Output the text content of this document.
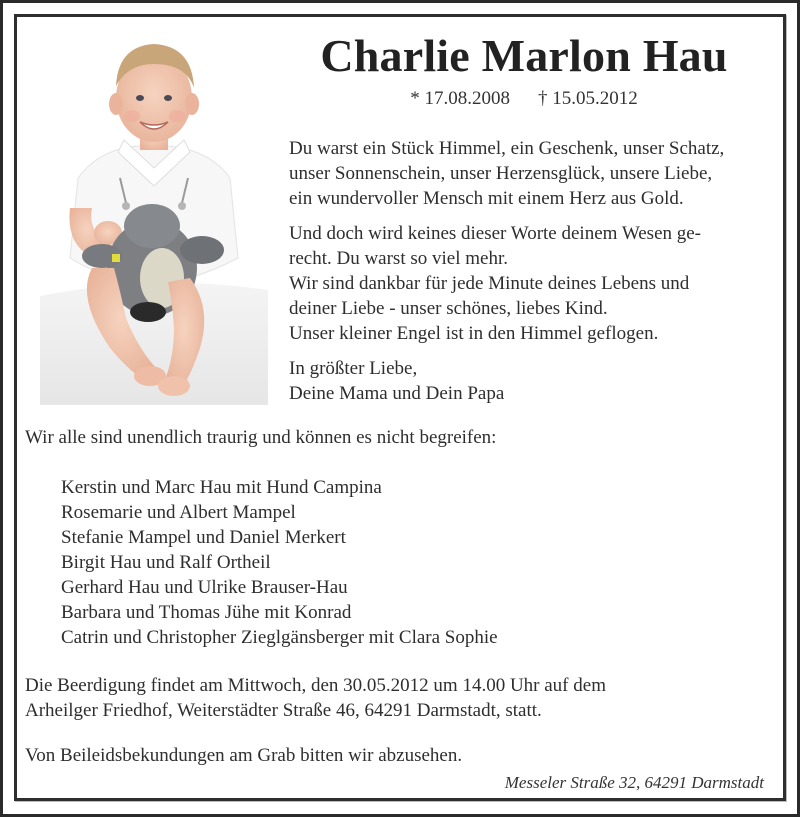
Charlie Marlon Hau
* 17.08.2008 † 15.05.2012
Du warst ein Stück Himmel, ein Geschenk, unser Schatz,
unser Sonnenschein, unser Herzensglück, unsere Liebe,
ein wundervoller Mensch mit einem Herz aus Gold.
Und doch wird keines dieser Worte deinem Wesen ge-
recht. Du warst so viel mehr.
Wir sind dankbar für jede Minute deines Lebens und
deiner Liebe - unser schönes, liebes Kind.
Unser kleiner Engel ist in den Himmel geflogen.
In größter Liebe,
Deine Mama und Dein Papa
Wir alle sind unendlich traurig und können es nicht begreifen:
Kerstin und Marc Hau mit Hund Campina
Rosemarie und Albert Mampel
Stefanie Mampel und Daniel Merkert
Birgit Hau und Ralf Ortheil
Gerhard Hau und Ulrike Brauser-Hau
Barbara und Thomas Jühe mit Konrad
Catrin und Christopher Zieglgänsberger mit Clara Sophie
Die Beerdigung findet am Mittwoch, den 30.05.2012 um 14.00 Uhr auf dem
Arheilger Friedhof, Weiterstädter Straße 46, 64291 Darmstadt, statt.
Von Beileidsbekundungen am Grab bitten wir abzusehen.
Messeler Straße 32, 64291 Darmstadt
